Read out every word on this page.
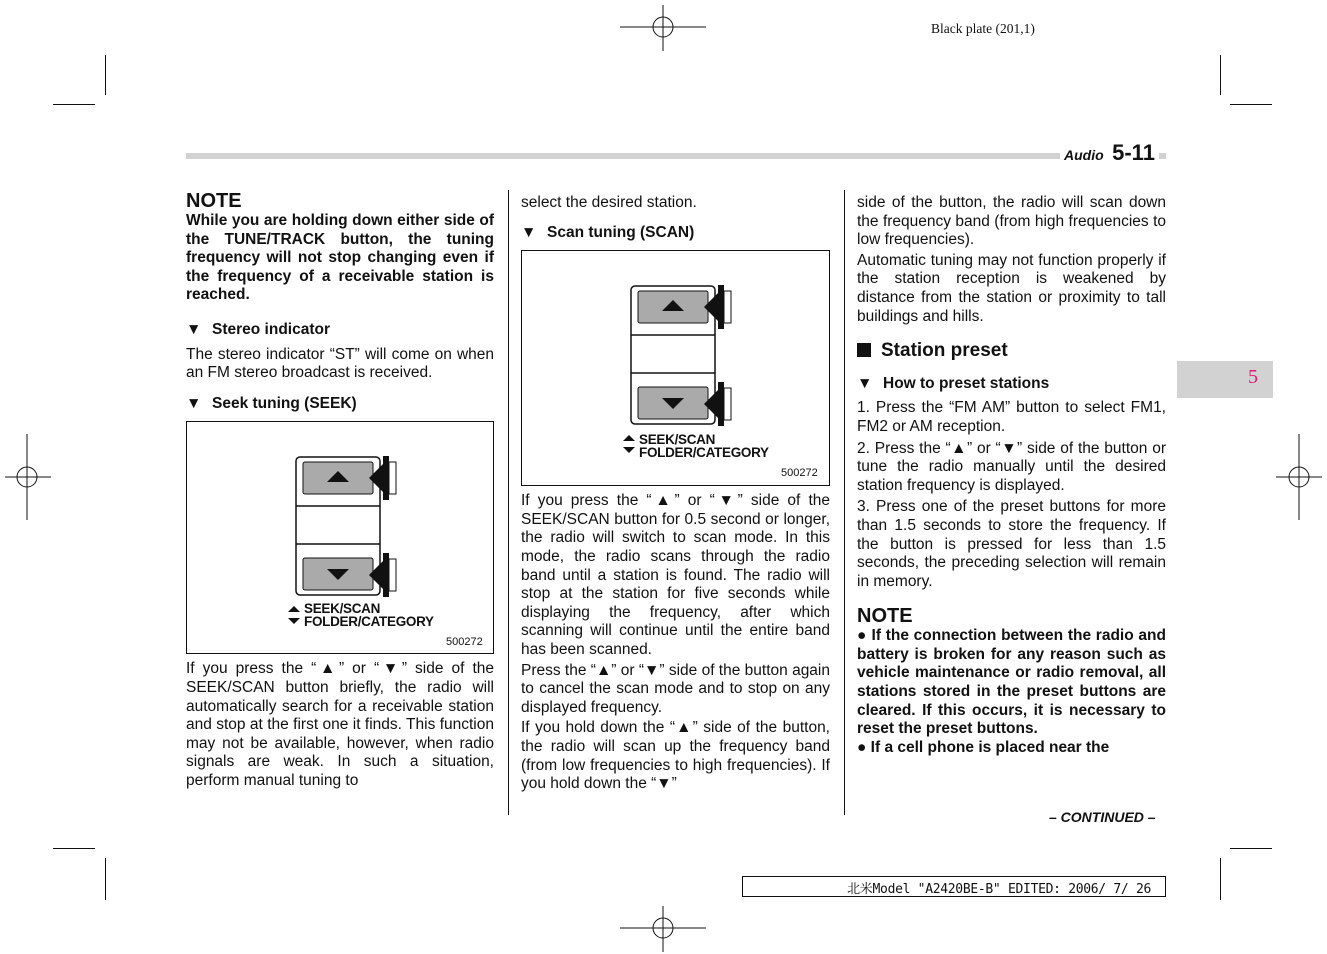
Black plate (201,1)
Audio 5-11
5

NOTE

While you are holding down either side of the TUNE/TRACK button, the tuning frequency will not stop changing even if the frequency of a receivable station is reached.

▼ Stereo indicator

The stereo indicator “ST” will come on when an FM stereo broadcast is received.

▼ Seek tuning (SEEK)

SEEK/SCAN
FOLDER/CATEGORY
500272

If you press the “▲” or “▼” side of the SEEK/SCAN button briefly, the radio will automatically search for a receivable station and stop at the first one it finds. This function may not be available, however, when radio signals are weak. In such a situation, perform manual tuning to

select the desired station.

▼ Scan tuning (SCAN)

SEEK/SCAN
FOLDER/CATEGORY
500272

If you press the “▲” or “▼” side of the SEEK/SCAN button for 0.5 second or longer, the radio will switch to scan mode. In this mode, the radio scans through the radio band until a station is found. The radio will stop at the station for five seconds while displaying the frequency, after which scanning will continue until the entire band has been scanned.

Press the “▲” or “▼” side of the button again to cancel the scan mode and to stop on any displayed frequency.

If you hold down the “▲” side of the button, the radio will scan up the frequency band (from low frequencies to high frequencies). If you hold down the “▼”

side of the button, the radio will scan down the frequency band (from high frequencies to low frequencies).

Automatic tuning may not function properly if the station reception is weakened by distance from the station or proximity to tall buildings and hills.

Station preset

▼ How to preset stations

1. Press the “FM AM” button to select FM1, FM2 or AM reception.

2. Press the “▲” or “▼” side of the button or tune the radio manually until the desired station frequency is displayed.

3. Press one of the preset buttons for more than 1.5 seconds to store the frequency. If the button is pressed for less than 1.5 seconds, the preceding selection will remain in memory.

NOTE

● If the connection between the radio and battery is broken for any reason such as vehicle maintenance or radio removal, all stations stored in the preset buttons are cleared. If this occurs, it is necessary to reset the preset buttons.

● If a cell phone is placed near the

– CONTINUED –
北米Model "A2420BE-B" EDITED: 2006/ 7/ 26
